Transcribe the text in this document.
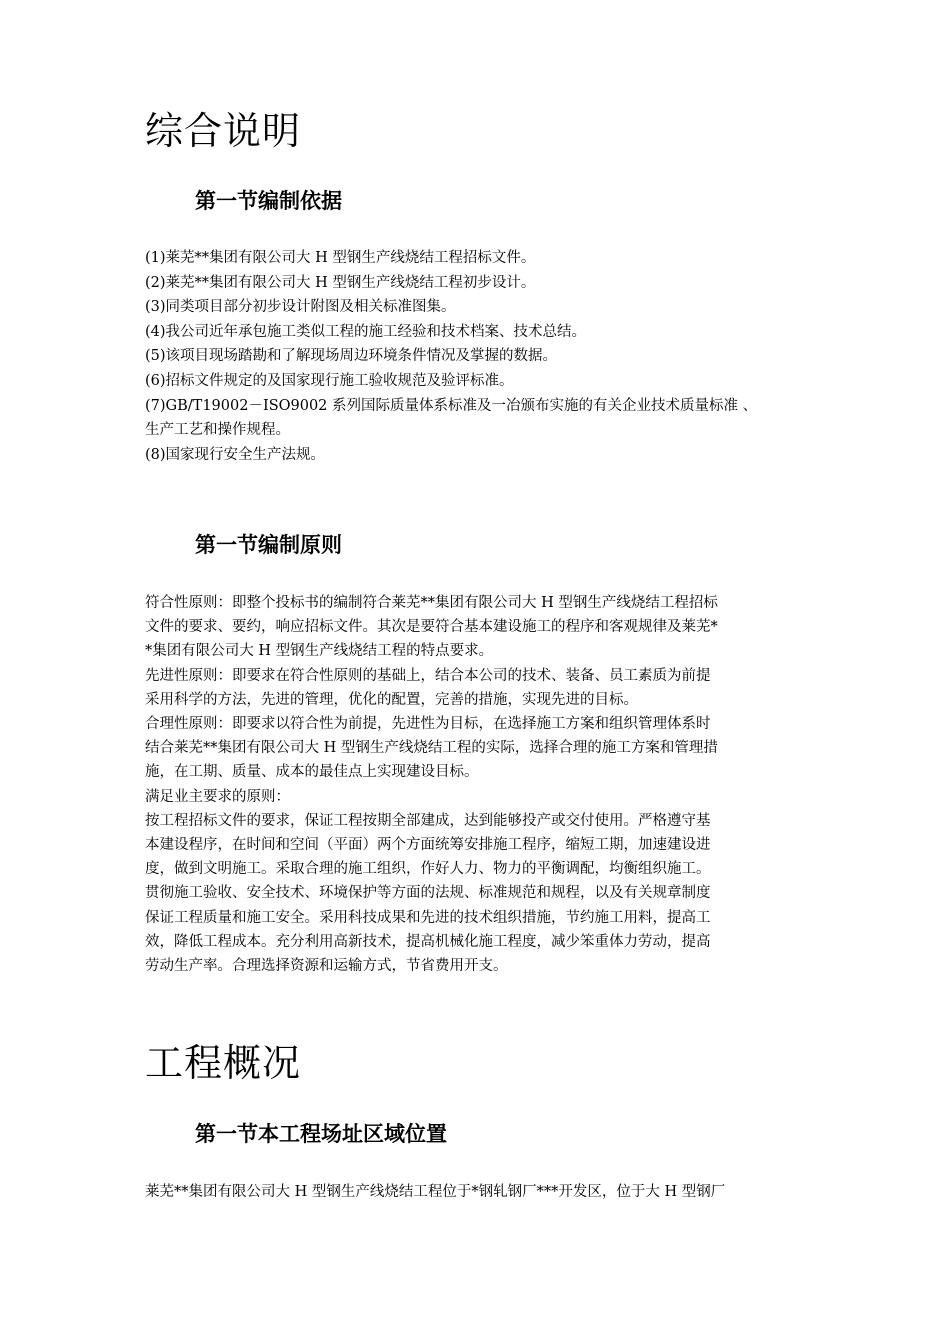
综合说明
第一节编制依据
(1)莱芜**集团有限公司大 H 型钢生产线烧结工程招标文件。
(2)莱芜**集团有限公司大 H 型钢生产线烧结工程初步设计。
(3)同类项目部分初步设计附图及相关标准图集。
(4)我公司近年承包施工类似工程的施工经验和技术档案、技术总结。
(5)该项目现场踏勘和了解现场周边环境条件情况及掌握的数据。
(6)招标文件规定的及国家现行施工验收规范及验评标准。
(7)GB/T19002－ISO9002 系列国际质量体系标准及一冶颁布实施的有关企业技术质量标准 、
生产工艺和操作规程。
(8)国家现行安全生产法规。
第一节编制原则
符合性原则：即整个投标书的编制符合莱芜**集团有限公司大 H 型钢生产线烧结工程招标
文件的要求、要约，响应招标文件。其次是要符合基本建设施工的程序和客观规律及莱芜*
*集团有限公司大 H 型钢生产线烧结工程的特点要求。
先进性原则：即要求在符合性原则的基础上，结合本公司的技术、装备、员工素质为前提
采用科学的方法，先进的管理，优化的配置，完善的措施，实现先进的目标。
合理性原则：即要求以符合性为前提，先进性为目标，在选择施工方案和组织管理体系时
结合莱芜**集团有限公司大 H 型钢生产线烧结工程的实际，选择合理的施工方案和管理措
施，在工期、质量、成本的最佳点上实现建设目标。
满足业主要求的原则：
按工程招标文件的要求，保证工程按期全部建成，达到能够投产或交付使用。严格遵守基
本建设程序，在时间和空间（平面）两个方面统筹安排施工程序，缩短工期，加速建设进
度，做到文明施工。采取合理的施工组织，作好人力、物力的平衡调配，均衡组织施工。
贯彻施工验收、安全技术、环境保护等方面的法规、标准规范和规程，以及有关规章制度
保证工程质量和施工安全。采用科技成果和先进的技术组织措施，节约施工用料，提高工
效，降低工程成本。充分利用高新技术，提高机械化施工程度，减少笨重体力劳动，提高
劳动生产率。合理选择资源和运输方式，节省费用开支。
工程概况
第一节本工程场址区域位置
莱芜**集团有限公司大 H 型钢生产线烧结工程位于*钢轧钢厂***开发区，位于大 H 型钢厂
